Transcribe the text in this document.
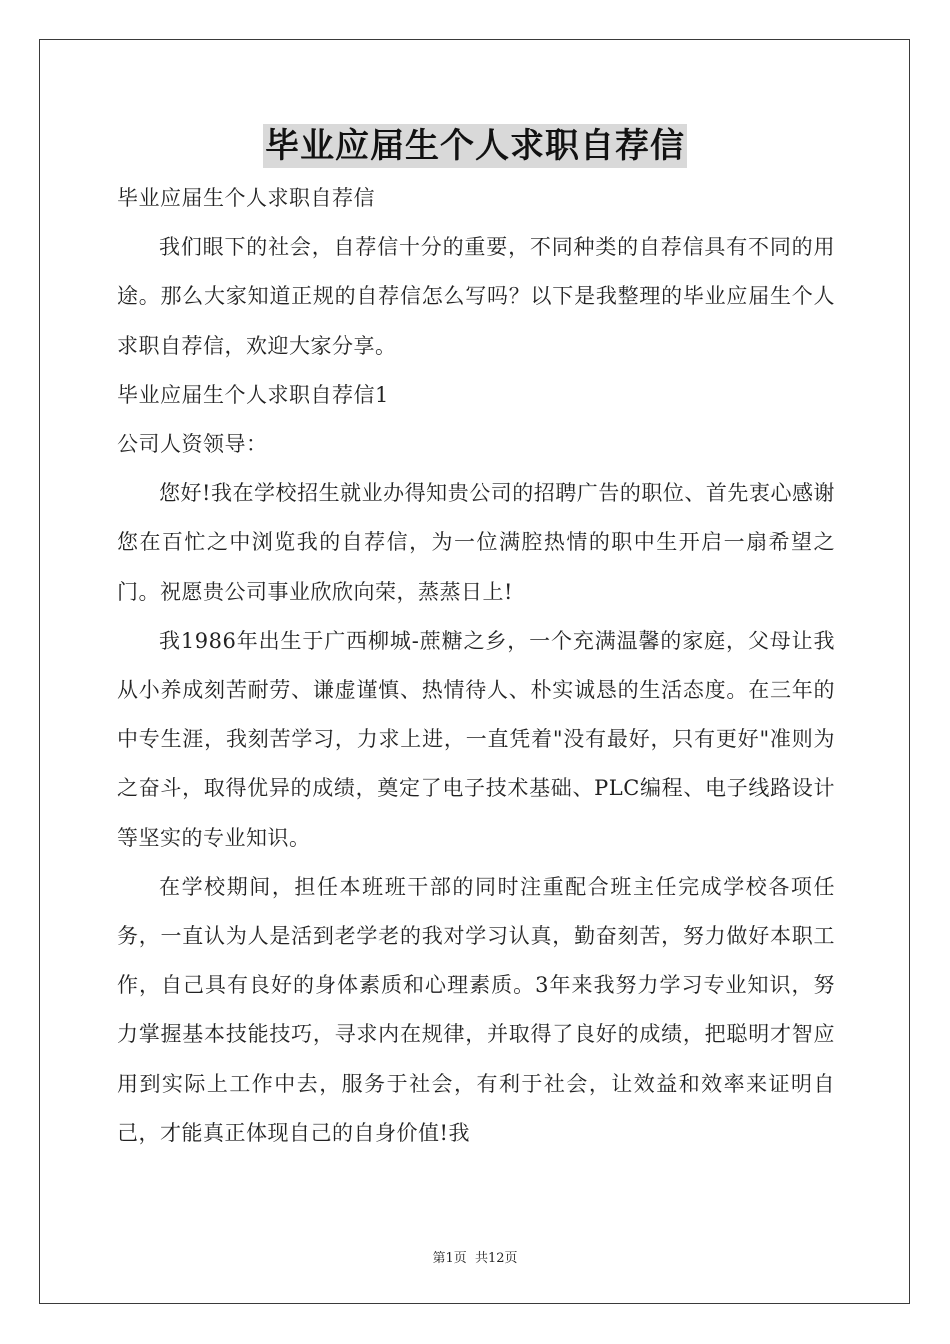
毕业应届生个人求职自荐信

毕业应届生个人求职自荐信

我们眼下的社会，自荐信十分的重要，不同种类的自荐信具有不同的用途。那么大家知道正规的自荐信怎么写吗？以下是我整理的毕业应届生个人求职自荐信，欢迎大家分享。

毕业应届生个人求职自荐信1

公司人资领导：

您好!我在学校招生就业办得知贵公司的招聘广告的职位、首先衷心感谢您在百忙之中浏览我的自荐信，为一位满腔热情的职中生开启一扇希望之门。祝愿贵公司事业欣欣向荣，蒸蒸日上!

我1986年出生于广西柳城-蔗糖之乡，一个充满温馨的家庭，父母让我从小养成刻苦耐劳、谦虚谨慎、热情待人、朴实诚恳的生活态度。在三年的中专生涯，我刻苦学习，力求上进，一直凭着"没有最好，只有更好"准则为之奋斗，取得优异的成绩，奠定了电子技术基础、PLC编程、电子线路设计等坚实的专业知识。

在学校期间，担任本班班干部的同时注重配合班主任完成学校各项任务，一直认为人是活到老学老的我对学习认真，勤奋刻苦，努力做好本职工作，自己具有良好的身体素质和心理素质。3年来我努力学习专业知识，努力掌握基本技能技巧，寻求内在规律，并取得了良好的成绩，把聪明才智应用到实际上工作中去，服务于社会，有利于社会，让效益和效率来证明自己，才能真正体现自己的自身价值!我

第1页  共12页
